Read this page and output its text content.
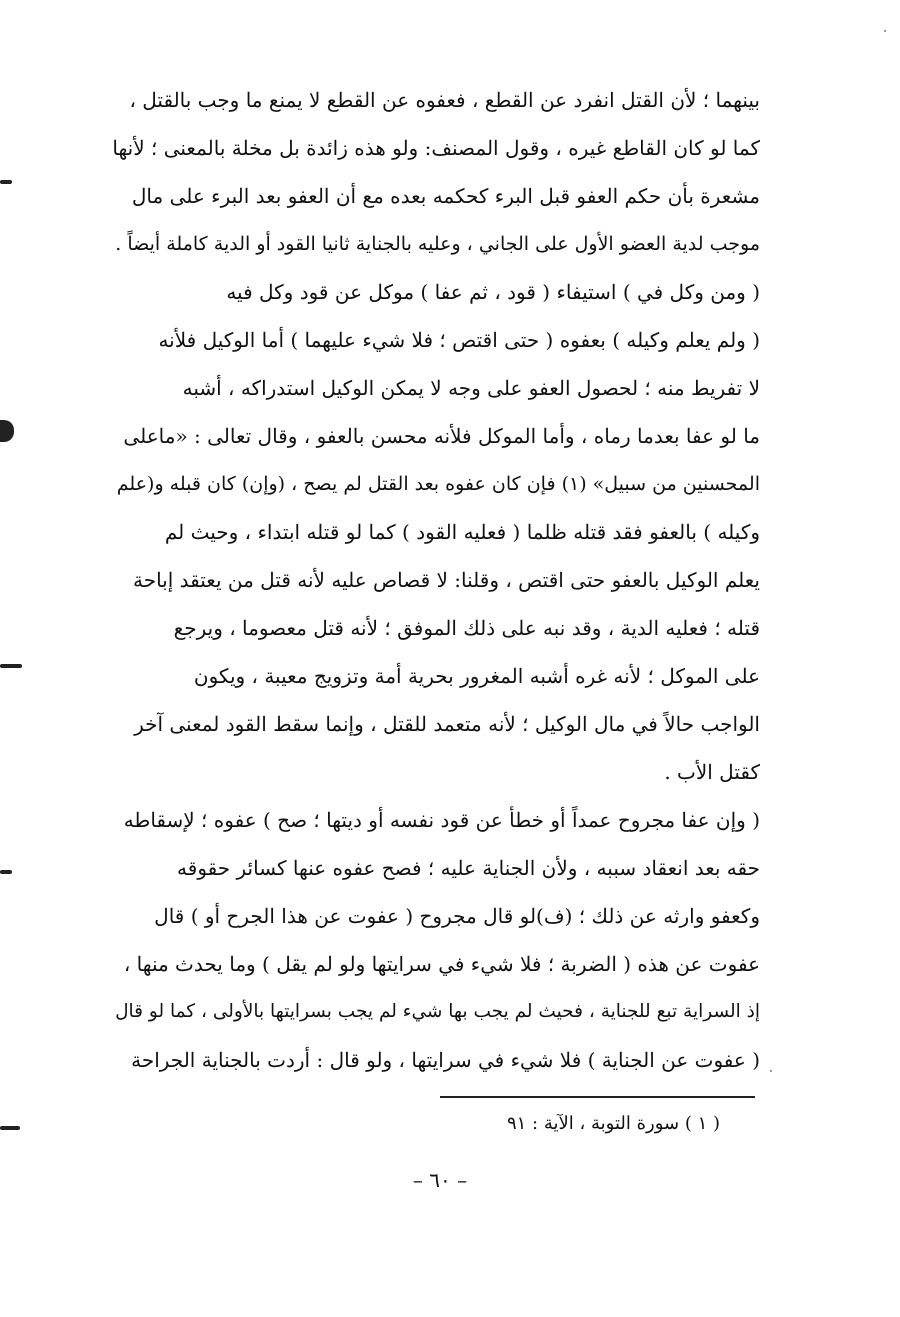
بينهما ؛ لأن القتل انفرد عن القطع ، فعفوه عن القطع لا يمنع ما وجب بالقتل ،
كما لو كان القاطع غيره ، وقول المصنف: ولو هذه زائدة بل مخلة بالمعنى ؛ لأنها
مشعرة بأن حكم العفو قبل البرء كحكمه بعده مع أن العفو بعد البرء على مال
موجب لدية العضو الأول على الجاني ، وعليه بالجناية ثانيا القود أو الدية كاملة أيضاً .
( ومن وكل في ) استيفاء ( قود ، ثم عفا ) موكل عن قود وكل فيه
( ولم يعلم وكيله ) بعفوه ( حتى اقتص ؛ فلا شيء عليهما ) أما الوكيل فلأنه
لا تفريط منه ؛ لحصول العفو على وجه لا يمكن الوكيل استدراكه ، أشبه
ما لو عفا بعدما رماه ، وأما الموكل فلأنه محسن بالعفو ، وقال تعالى : «ماعلى
المحسنين من سبيل» (١) فإن كان عفوه بعد القتل لم يصح ، (وإن) كان قبله و(علم
وكيله ) بالعفو فقد قتله ظلما ( فعليه القود ) كما لو قتله ابتداء ، وحيث لم
يعلم الوكيل بالعفو حتى اقتص ، وقلنا: لا قصاص عليه لأنه قتل من يعتقد إباحة
قتله ؛ فعليه الدية ، وقد نبه على ذلك الموفق ؛ لأنه قتل معصوما ، ويرجع
على الموكل ؛ لأنه غره أشبه المغرور بحرية أمة وتزويج معيبة ، ويكون
الواجب حالاً في مال الوكيل ؛ لأنه متعمد للقتل ، وإنما سقط القود لمعنى آخر
كقتل الأب .
( وإن عفا مجروح عمداً أو خطأ عن قود نفسه أو ديتها ؛ صح ) عفوه ؛ لإسقاطه
حقه بعد انعقاد سببه ، ولأن الجناية عليه ؛ فصح عفوه عنها كسائر حقوقه
وكعفو وارثه عن ذلك ؛ (ف)لو قال مجروح ( عفوت عن هذا الجرح أو ) قال
عفوت عن هذه ( الضربة ؛ فلا شيء في سرايتها ولو لم يقل ) وما يحدث منها ،
إذ السراية تبع للجناية ، فحيث لم يجب بها شيء لم يجب بسرايتها بالأولى ، كما لو قال
( عفوت عن الجناية ) فلا شيء في سرايتها ، ولو قال : أردت بالجناية الجراحة
( ١ ) سورة التوبة ، الآية : ٩١
– ٦٠ –
